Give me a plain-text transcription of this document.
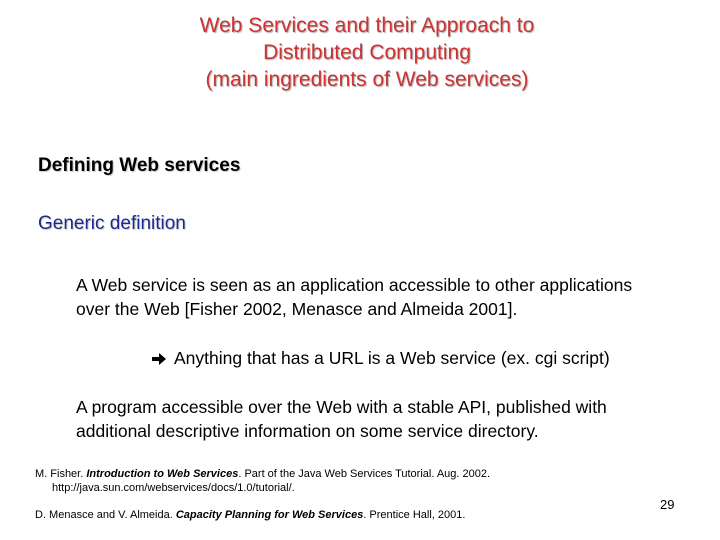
Web Services and their Approach to
Distributed Computing
(main ingredients of Web services)
Defining Web services
Generic definition
A Web service is seen as an application accessible to other applications
over the Web [Fisher 2002, Menasce and Almeida 2001].
Anything that has a URL is a Web service (ex. cgi script)
A program accessible over the Web with a stable API, published with
additional descriptive information on some service directory.
M. Fisher. Introduction to Web Services. Part of the Java Web Services Tutorial. Aug. 2002.
http://java.sun.com/webservices/docs/1.0/tutorial/.
D. Menasce and V. Almeida. Capacity Planning for Web Services. Prentice Hall, 2001.
29
